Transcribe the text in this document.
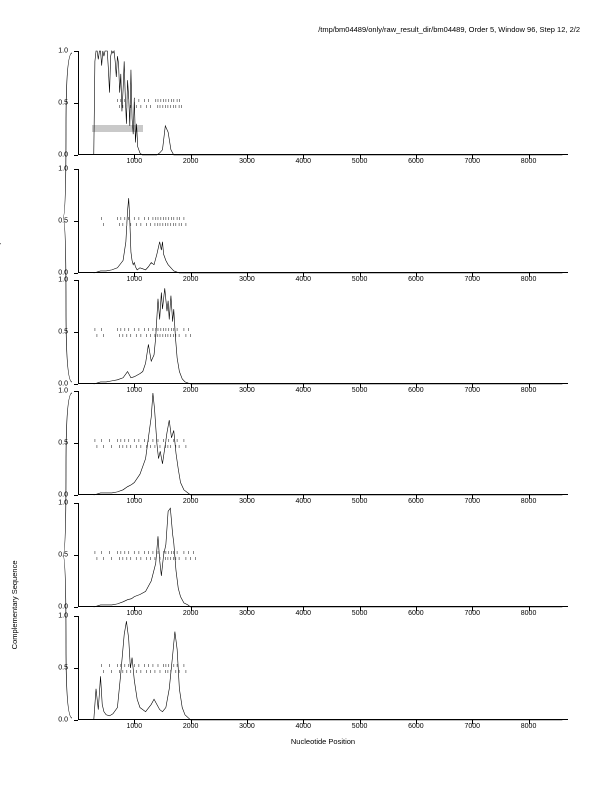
/tmp/bm04489/only/raw_result_dir/bm04489, Order 5, Window 96, Step 12, 2/2
0.0
0.5
1.0
1000	2000	3000	4000	5000	6000	7000	8000
0.0
0.5
1.0
1000	2000	3000	4000	5000	6000	7000	8000
0.0
0.5
1.0
1000	2000	3000	4000	5000	6000	7000	8000
0.0
0.5
1.0
1000	2000	3000	4000	5000	6000	7000	8000
0.0
0.5
1.0
1000	2000	3000	4000	5000	6000	7000	8000
0.0
0.5
1.0
1000	2000	3000	4000	5000	6000	7000	8000
Nucleotide Position
Complementary Sequence
